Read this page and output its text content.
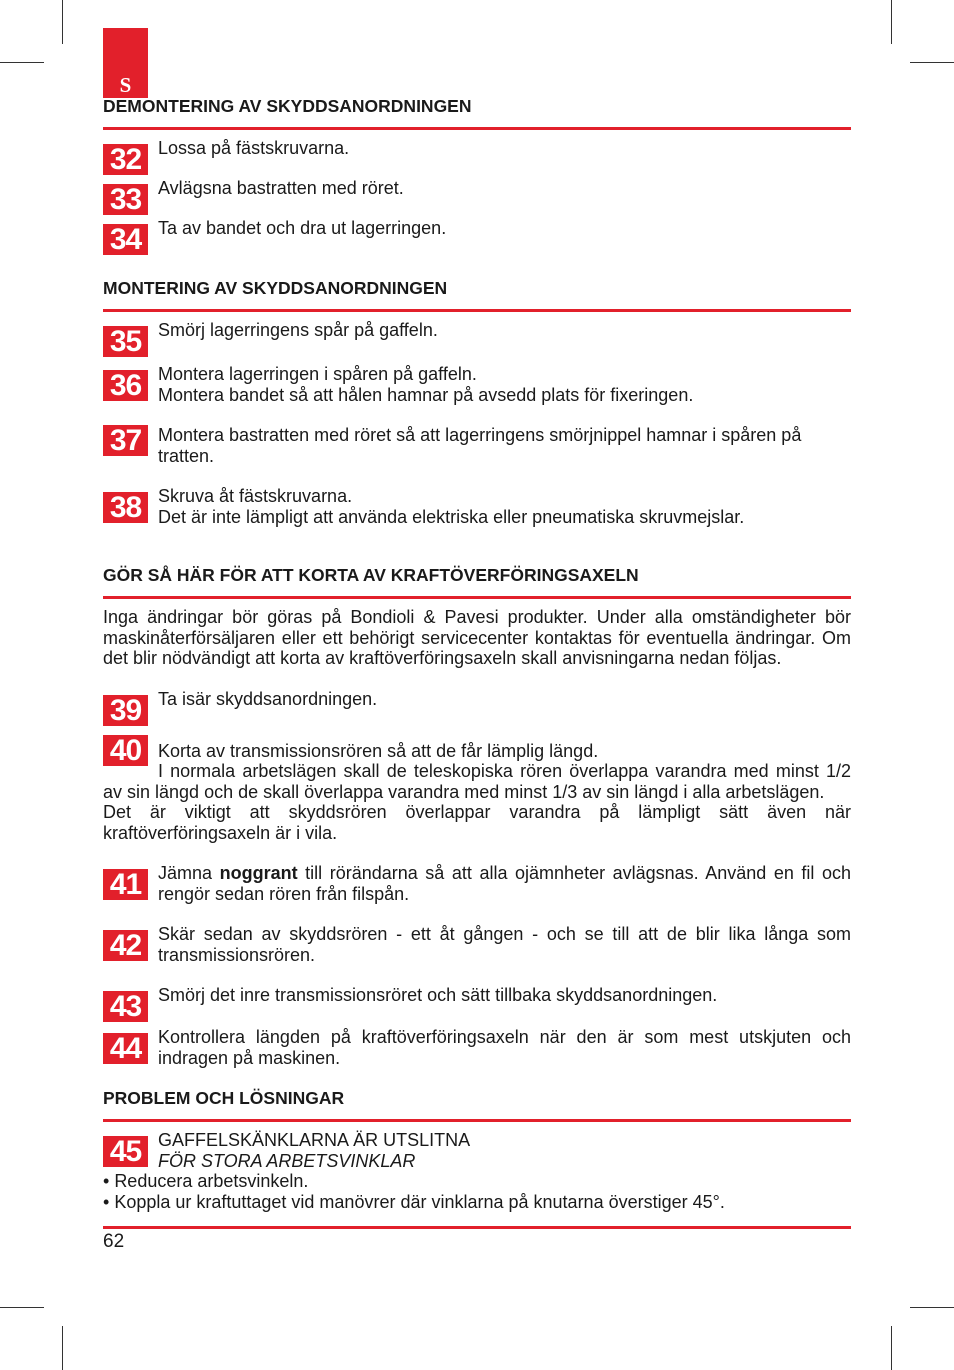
S
DEMONTERING AV SKYDDSANORDNINGEN
32 Lossa på fästskruvarna.
33 Avlägsna bastratten med röret.
34 Ta av bandet och dra ut lagerringen.
MONTERING AV SKYDDSANORDNINGEN
35 Smörj lagerringens spår på gaffeln.

36 Montera lagerringen i spåren på gaffeln.

Montera bandet så att hålen hamnar på avsedd plats för fixeringen.

37 Montera bastratten med röret så att lagerringens smörjnippel hamnar i spåren på tratten.

38 Skruva åt fästskruvarna.

Det är inte lämpligt att använda elektriska eller pneumatiska skruvmejslar.

GÖR SÅ HÄR FÖR ATT KORTA AV KRAFTÖVERFÖRINGSAXELN

Inga ändringar bör göras på Bondioli & Pavesi produkter. Under alla omständigheter bör maskinåterförsäljaren eller ett behörigt servicecenter kontaktas för eventuella ändringar. Om det blir nödvändigt att korta av kraftöverföringsaxeln skall anvisningarna nedan följas.

39 Ta isär skyddsanordningen.
40 Korta av transmissionsrören så att de får lämplig längd.
I normala arbetslägen skall de teleskopiska rören överlappa varandra med minst 1/2 av sin längd och de skall överlappa varandra med minst 1/3 av sin längd i alla arbetslägen.
Det är viktigt att skyddsrören överlappar varandra på lämpligt sätt även när kraftöverföringsaxeln är i vila.
41 Jämna noggrant till rörändarna så att alla ojämnheter avlägsnas. Använd en fil och rengör sedan rören från filspån.
42 Skär sedan av skyddsrören - ett åt gången - och se till att de blir lika långa som transmissionsrören.
43 Smörj det inre transmissionsröret och sätt tillbaka skyddsanordningen.
44 Kontrollera längden på kraftöverföringsaxeln när den är som mest utskjuten och indragen på maskinen.
PROBLEM OCH LÖSNINGAR
45 GAFFELSKÄNKLARNA ÄR UTSLITNA

FÖR STORA ARBETSVINKLAR

• Reducera arbetsvinkeln.
• Koppla ur kraftuttaget vid manövrer där vinklarna på knutarna överstiger 45°.
62
